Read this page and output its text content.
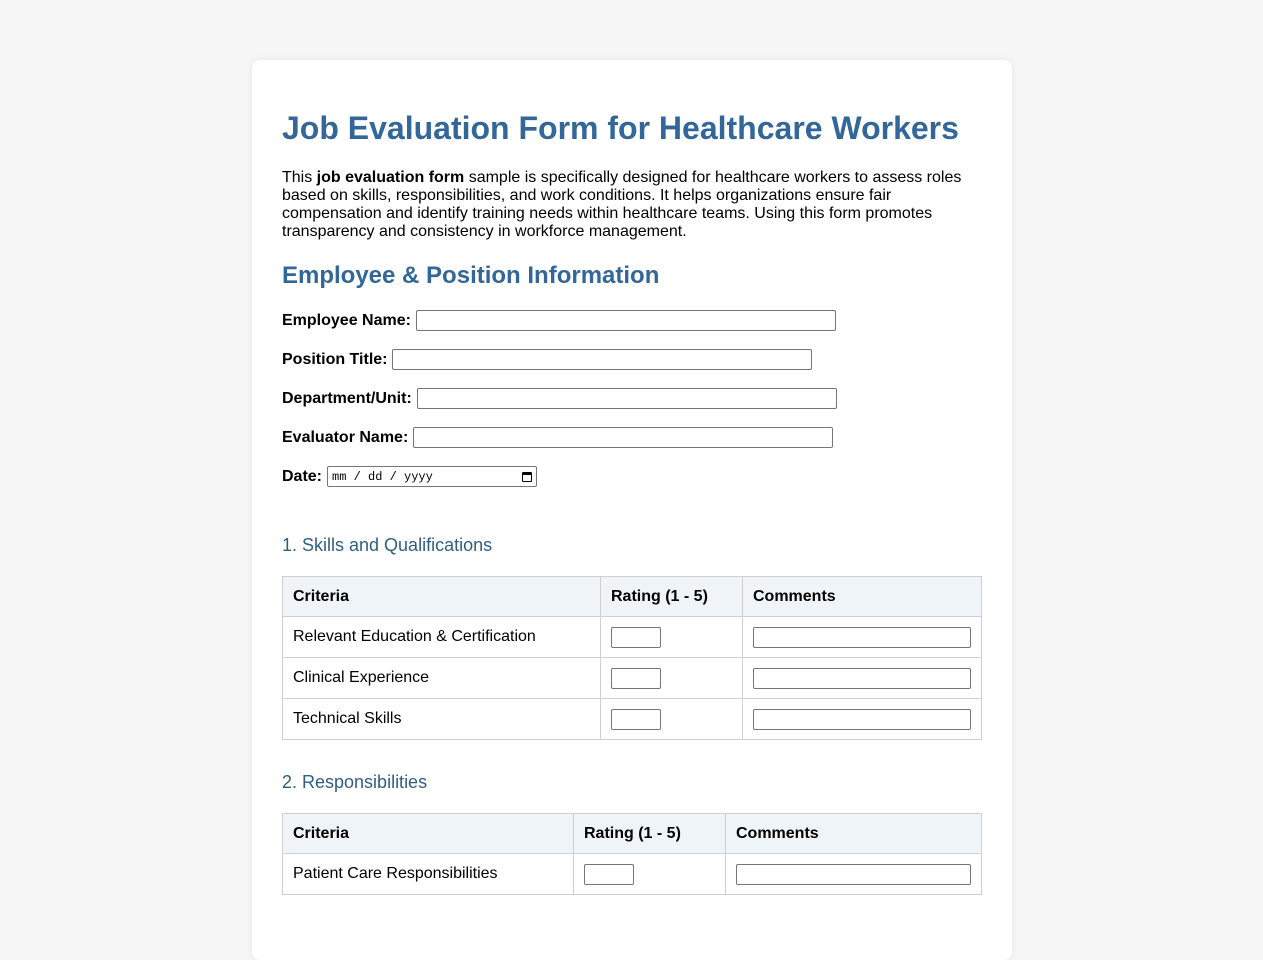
Job Evaluation Form for Healthcare Workers

This job evaluation form sample is specifically designed for healthcare workers to assess roles based on skills, responsibilities, and work conditions. It helps organizations ensure fair compensation and identify training needs within healthcare teams. Using this form promotes transparency and consistency in workforce management.

Employee & Position Information
Employee Name:
Position Title:
Department/Unit:
Evaluator Name:
Date: mm / dd / yyyy
1. Skills and Qualifications
Criteria	Rating (1 - 5)	Comments
Relevant Education & Certification		
Clinical Experience		
Technical Skills		
2. Responsibilities
Criteria	Rating (1 - 5)	Comments
Patient Care Responsibilities		
